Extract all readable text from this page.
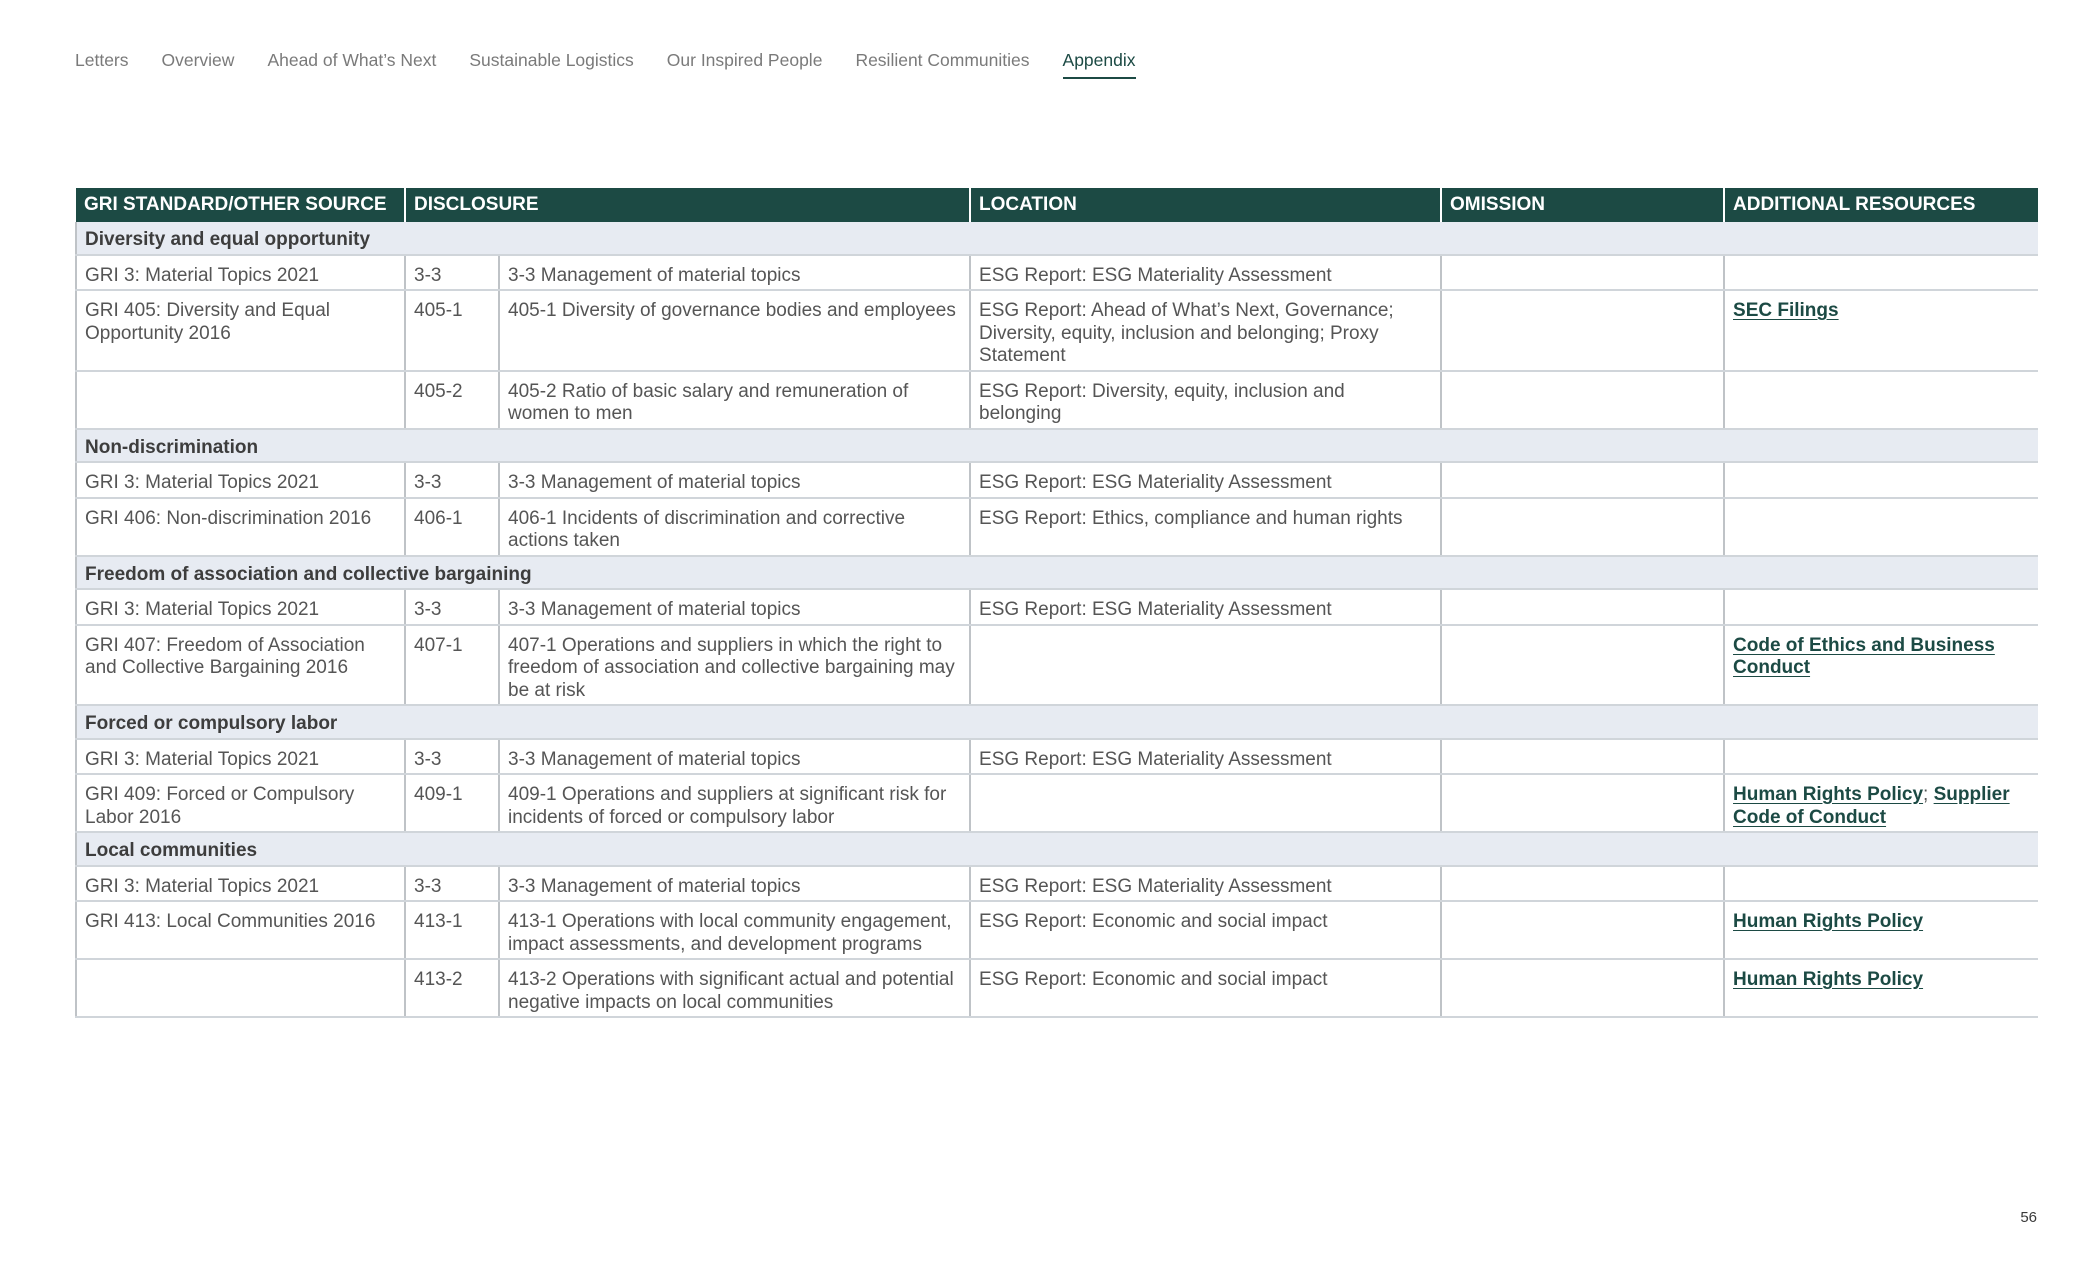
Letters Overview Ahead of What’s Next Sustainable Logistics Our Inspired People Resilient Communities Appendix
GRI STANDARD/OTHER SOURCE	DISCLOSURE		LOCATION	OMISSION	ADDITIONAL RESOURCES
Diversity and equal opportunity					
GRI 3: Material Topics 2021	3-3	3-3 Management of material topics	ESG Report: ESG Materiality Assessment		
GRI 405: Diversity and Equal Opportunity 2016	405-1	405-1 Diversity of governance bodies and employees	ESG Report: Ahead of What’s Next, Governance; Diversity, equity, inclusion and belonging; Proxy Statement		SEC Filings
	405-2	405-2 Ratio of basic salary and remuneration of women to men	ESG Report: Diversity, equity, inclusion and belonging		
Non-discrimination					
GRI 3: Material Topics 2021	3-3	3-3 Management of material topics	ESG Report: ESG Materiality Assessment		
GRI 406: Non-discrimination 2016	406-1	406-1 Incidents of discrimination and corrective actions taken	ESG Report: Ethics, compliance and human rights		
Freedom of association and collective bargaining					
GRI 3: Material Topics 2021	3-3	3-3 Management of material topics	ESG Report: ESG Materiality Assessment		
GRI 407: Freedom of Association and Collective Bargaining 2016	407-1	407-1 Operations and suppliers in which the right to freedom of association and collective bargaining may be at risk			Code of Ethics and Business Conduct
Forced or compulsory labor					
GRI 3: Material Topics 2021	3-3	3-3 Management of material topics	ESG Report: ESG Materiality Assessment		
GRI 409: Forced or Compulsory Labor 2016	409-1	409-1 Operations and suppliers at significant risk for incidents of forced or compulsory labor			Human Rights Policy; Supplier Code of Conduct
Local communities					
GRI 3: Material Topics 2021	3-3	3-3 Management of material topics	ESG Report: ESG Materiality Assessment		
GRI 413: Local Communities 2016	413-1	413-1 Operations with local community engagement, impact assessments, and development programs	ESG Report: Economic and social impact		Human Rights Policy
	413-2	413-2 Operations with significant actual and potential negative impacts on local communities	ESG Report: Economic and social impact		Human Rights Policy
56
